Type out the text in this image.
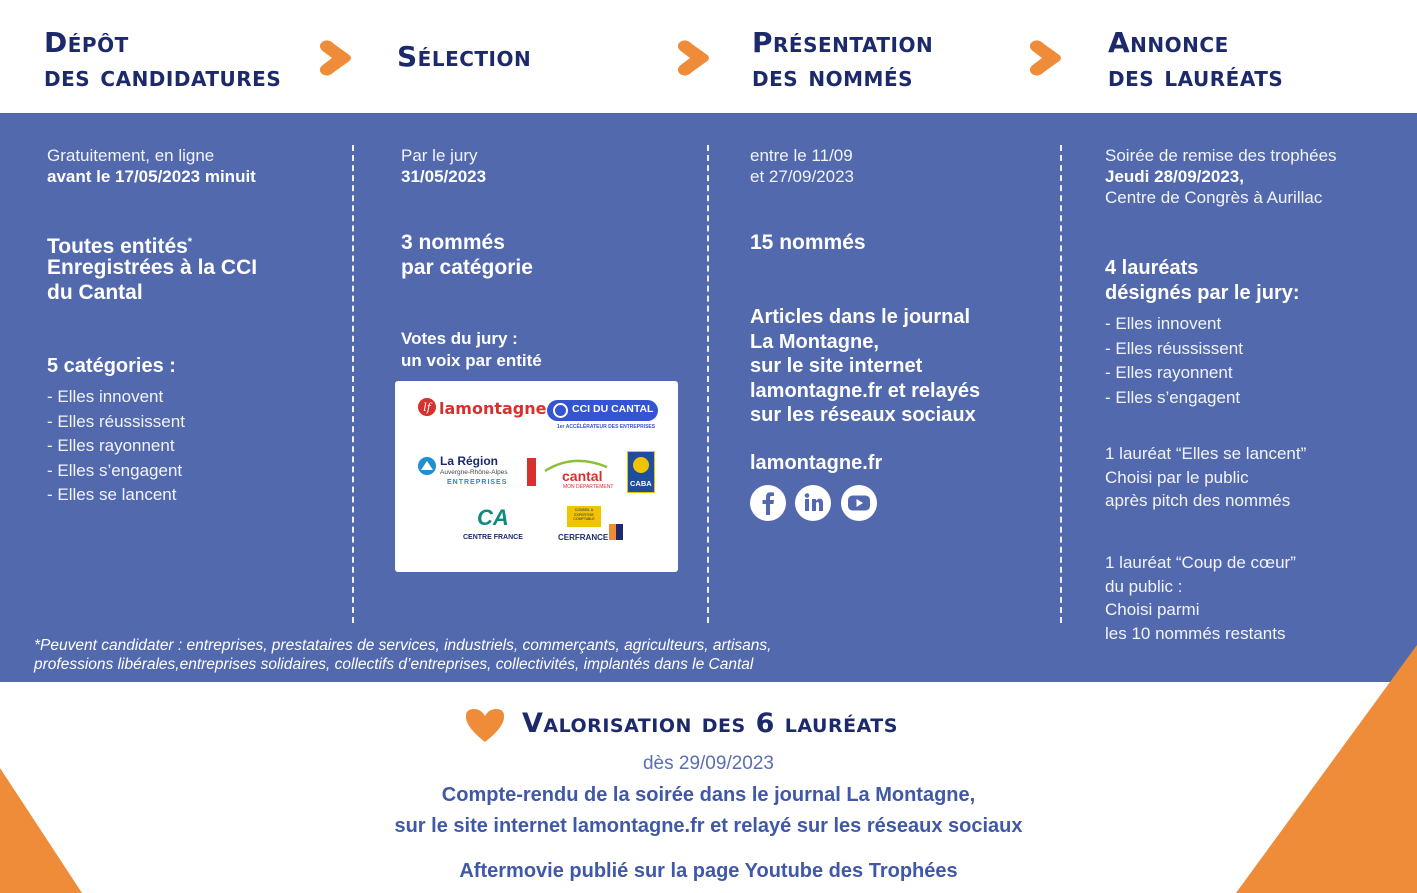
Dépôt
des candidatures
Sélection	Présentation
des nommés
Annonce
des lauréats
Gratuitement, en ligne
avant le 17/05/2023 minuit
Toutes entités*
Enregistrées à la CCI
du Cantal
5 catégories :
- Elles innovent
- Elles réussissent
- Elles rayonnent
- Elles s’engagent
- Elles se lancent
Par le jury
31/05/2023
3 nommés
par catégorie
Votes du jury :
un voix par entité
lf lamontagne CCI DU CANTAL
1er ACCÉLÉRATEUR DES ENTREPRISES
La Région
Auvergne-Rhône-Alpes
ENTREPRISES	cantal
MON DÉPARTEMENT CABA
CA
CENTRE FRANCE
CONSEIL & EXPERTISE COMPTABLE
CERFRANCE
entre le 11/09
et 27/09/2023
15 nommés
Articles dans le journal
La Montagne,
sur le site internet
lamontagne.fr et relayés
sur les réseaux sociaux
lamontagne.fr
Soirée de remise des trophées
Jeudi 28/09/2023,
Centre de Congrès à Aurillac
4 lauréats
désignés par le jury:
- Elles innovent
- Elles réussissent
- Elles rayonnent
- Elles s’engagent
1 lauréat “Elles se lancent”
Choisi par le public
après pitch des nommés
1 lauréat “Coup de cœur”
du public :
Choisi parmi
les 10 nommés restants
*Peuvent candidater : entreprises, prestataires de services, industriels, commerçants, agriculteurs, artisans,
professions libérales,entreprises solidaires, collectifs d’entreprises, collectivités, implantés dans le Cantal
Valorisation des 6 lauréats
dès 29/09/2023
Compte-rendu de la soirée dans le journal La Montagne,
sur le site internet lamontagne.fr et relayé sur les réseaux sociaux
Aftermovie publié sur la page Youtube des Trophées
